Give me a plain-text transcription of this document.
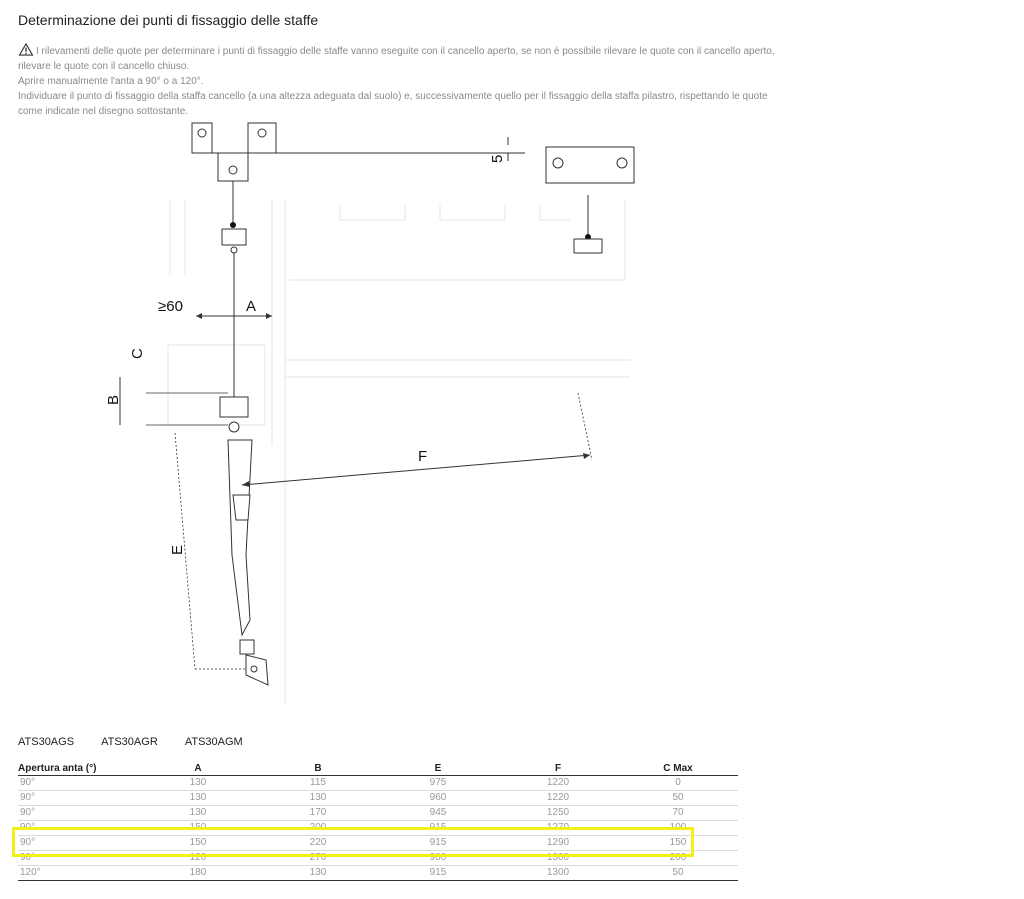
Determinazione dei punti di fissaggio delle staffe
I rilevamenti delle quote per determinare i punti di fissaggio delle staffe vanno eseguite con il cancello aperto, se non è possibile rilevare le quote con il cancello aperto,
rilevare le quote con il cancello chiuso.
Aprire manualmente l'anta a 90° o a 120°.
Individuare il punto di fissaggio della staffa cancello (a una altezza adeguata dal suolo) e, successivamente quello per il fissaggio della staffa pilastro, rispettando le quote
come indicate nel disegno sottostante.
5
≥60	A
C
B
F
E
ATS30AGS ATS30AGR ATS30AGM
Apertura anta (°)	A	B	E	F	C Max
90°	130	115	975	1220	0
90°	130	130	960	1220	50
90°	130	170	945	1250	70
90°	150	200	915	1270	100
90°	150	220	915	1290	150
90°	120	270	900	1300	200
120°	180	130	915	1300	50
